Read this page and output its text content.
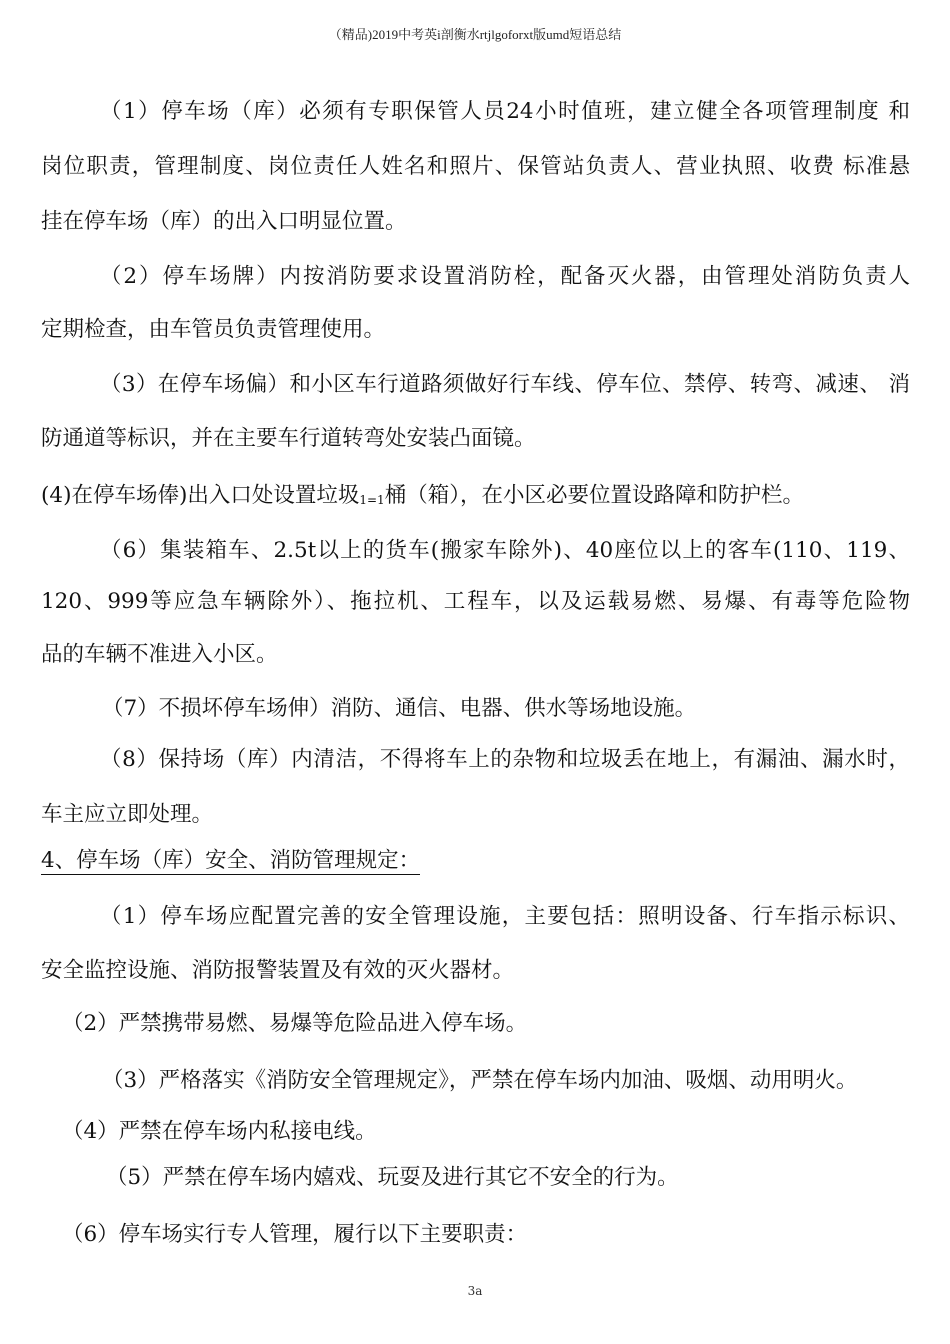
（精品)2019中考英i剖衡水rtjlgoforxt版umd短语总结
（1）停车场（库）必须有专职保管人员24小时值班，建立健全各项管理制度 和
岗位职责，管理制度、岗位责任人姓名和照片、保管站负责人、营业执照、收费 标准悬
挂在停车场（库）的出入口明显位置。
（2）停车场牌）内按消防要求设置消防栓，配备灭火器，由管理处消防负责人
定期检查，由车管员负责管理使用。
（3）在停车场偏）和小区车行道路须做好行车线、停车位、禁停、转弯、减速、 消
防通道等标识，并在主要车行道转弯处安装凸面镜。
(4)在停车场俸)出入口处设置垃圾1=1桶（箱），在小区必要位置设路障和防护栏。
（6）集装箱车、2.5t以上的货车(搬家车除外)、40座位以上的客车(110、119、
120、999等应急车辆除外）、拖拉机、工程车，以及运载易燃、易爆、有毒等危险物
品的车辆不准进入小区。
（7）不损坏停车场伸）消防、通信、电器、供水等场地设施。
（8）保持场（库）内清洁，不得将车上的杂物和垃圾丢在地上，有漏油、漏水时，
车主应立即处理。
4、停车场（库）安全、消防管理规定：
（1）停车场应配置完善的安全管理设施，主要包括：照明设备、行车指示标识、
安全监控设施、消防报警装置及有效的灭火器材。
（2）严禁携带易燃、易爆等危险品进入停车场。
（3）严格落实《消防安全管理规定》，严禁在停车场内加油、吸烟、动用明火。
（4）严禁在停车场内私接电线。
（5）严禁在停车场内嬉戏、玩耍及进行其它不安全的行为。
（6）停车场实行专人管理，履行以下主要职责：
3a
